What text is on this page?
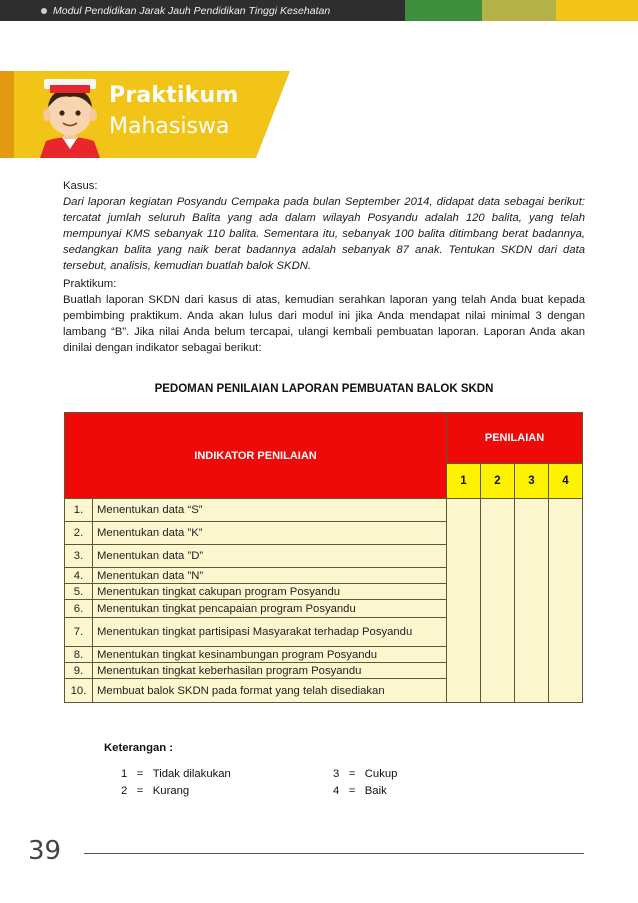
Modul Pendidikan Jarak Jauh Pendidikan Tinggi Kesehatan
Praktikum
Mahasiswa
Kasus:
Dari laporan kegiatan Posyandu Cempaka pada bulan September 2014, didapat data sebagai berikut: tercatat jumlah seluruh Balita yang ada dalam wilayah Posyandu adalah 120 balita, yang telah mempunyai KMS sebanyak 110 balita. Sementara itu, sebanyak 100 balita ditimbang berat badannya, sedangkan balita yang naik berat badannya adalah sebanyak 87 anak. Tentukan SKDN dari data tersebut, analisis, kemudian buatlah balok SKDN.
Praktikum:
Buatlah laporan SKDN dari kasus di atas, kemudian serahkan laporan yang telah Anda buat kepada pembimbing praktikum. Anda akan lulus dari modul ini jika Anda mendapat nilai minimal 3 dengan lambang “B”. Jika nilai Anda belum tercapai, ulangi kembali pembuatan laporan. Laporan Anda akan dinilai dengan indikator sebagai berikut:
PEDOMAN PENILAIAN LAPORAN PEMBUATAN BALOK SKDN
INDIKATOR PENILAIAN		PENILAIAN			
		1	2	3	4
1.	Menentukan data “S”				
2.	Menentukan data ”K”				
3.	Menentukan data ”D”				
4.	Menentukan data ”N”				
5.	Menentukan tingkat cakupan program Posyandu				
6.	Menentukan tingkat pencapaian program Posyandu				
7.	Menentukan tingkat partisipasi Masyarakat terhadap Posyandu				
8.	Menentukan tingkat kesinambungan program Posyandu				
9.	Menentukan tingkat keberhasilan program Posyandu				
10.	Membuat balok SKDN pada format yang telah disediakan				
Keterangan :
1 = Tidak dilakukan
2 = Kurang
3 = Cukup
4 = Baik
39
